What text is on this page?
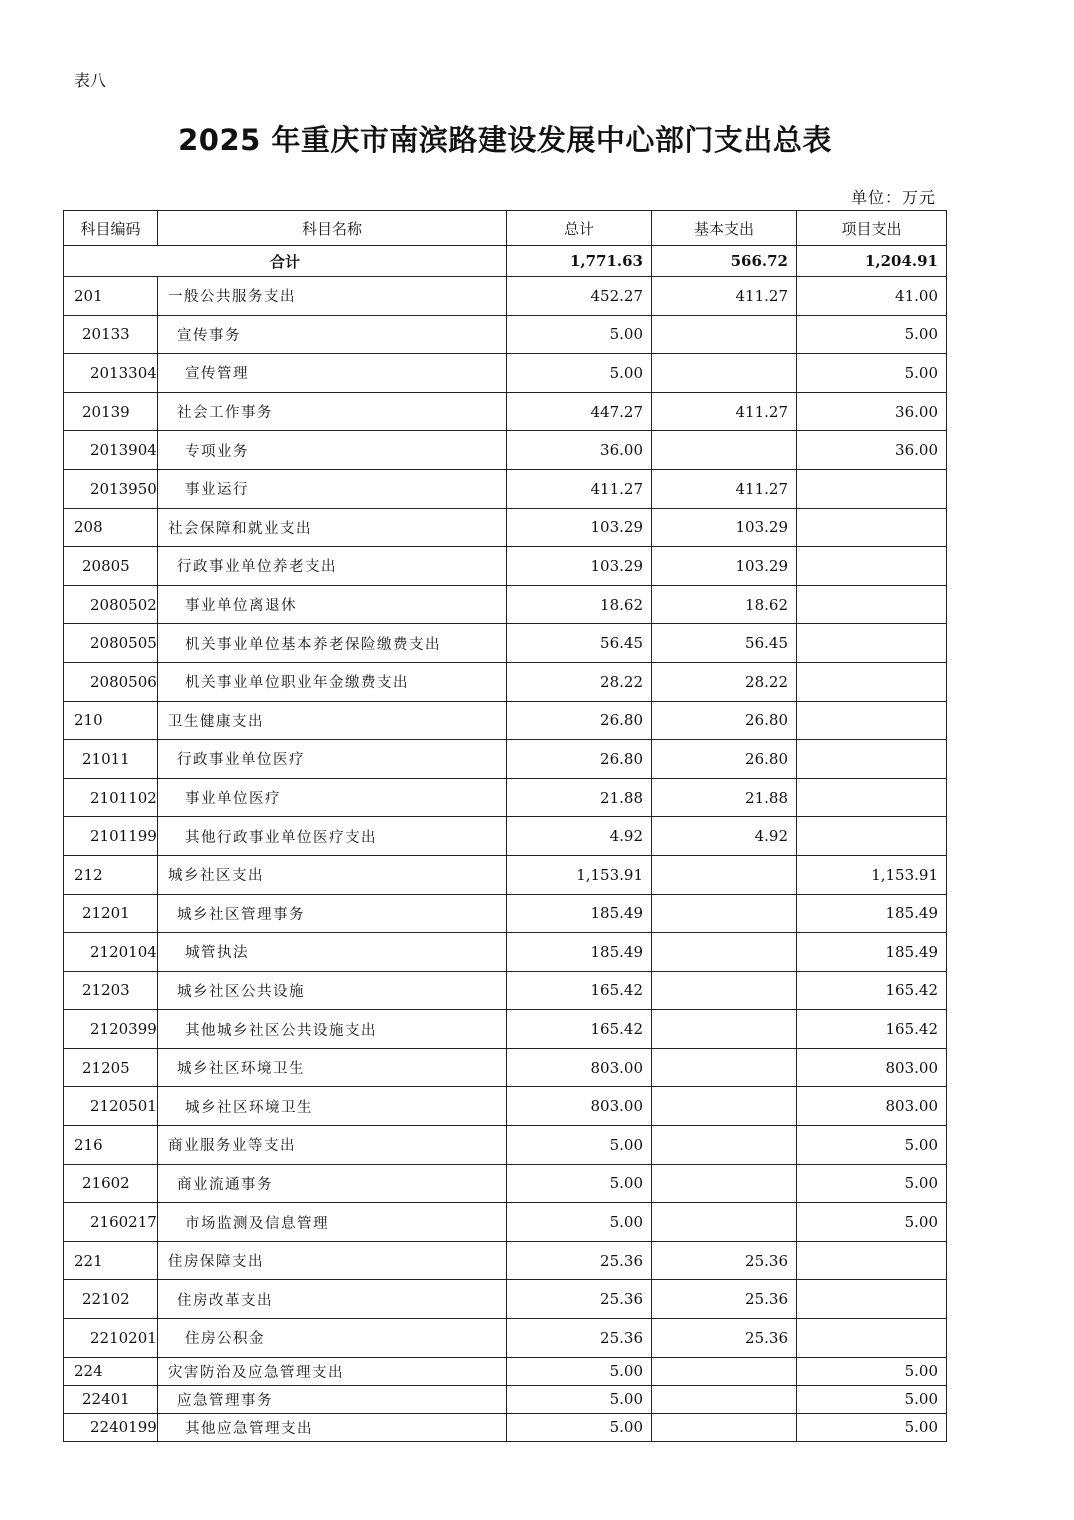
表八
2025 年重庆市南滨路建设发展中心部门支出总表
单位：万元
科目编码	科目名称	总计	基本支出	项目支出
合计		1,771.63	566.72	1,204.91
201	一般公共服务支出	452.27	411.27	41.00
20133	宣传事务	5.00		5.00
2013304	宣传管理	5.00		5.00
20139	社会工作事务	447.27	411.27	36.00
2013904	专项业务	36.00		36.00
2013950	事业运行	411.27	411.27	
208	社会保障和就业支出	103.29	103.29	
20805	行政事业单位养老支出	103.29	103.29	
2080502	事业单位离退休	18.62	18.62	
2080505	机关事业单位基本养老保险缴费支出	56.45	56.45	
2080506	机关事业单位职业年金缴费支出	28.22	28.22	
210	卫生健康支出	26.80	26.80	
21011	行政事业单位医疗	26.80	26.80	
2101102	事业单位医疗	21.88	21.88	
2101199	其他行政事业单位医疗支出	4.92	4.92	
212	城乡社区支出	1,153.91		1,153.91
21201	城乡社区管理事务	185.49		185.49
2120104	城管执法	185.49		185.49
21203	城乡社区公共设施	165.42		165.42
2120399	其他城乡社区公共设施支出	165.42		165.42
21205	城乡社区环境卫生	803.00		803.00
2120501	城乡社区环境卫生	803.00		803.00
216	商业服务业等支出	5.00		5.00
21602	商业流通事务	5.00		5.00
2160217	市场监测及信息管理	5.00		5.00
221	住房保障支出	25.36	25.36	
22102	住房改革支出	25.36	25.36	
2210201	住房公积金	25.36	25.36	
224	灾害防治及应急管理支出	5.00		5.00
22401	应急管理事务	5.00		5.00
2240199	其他应急管理支出	5.00		5.00
